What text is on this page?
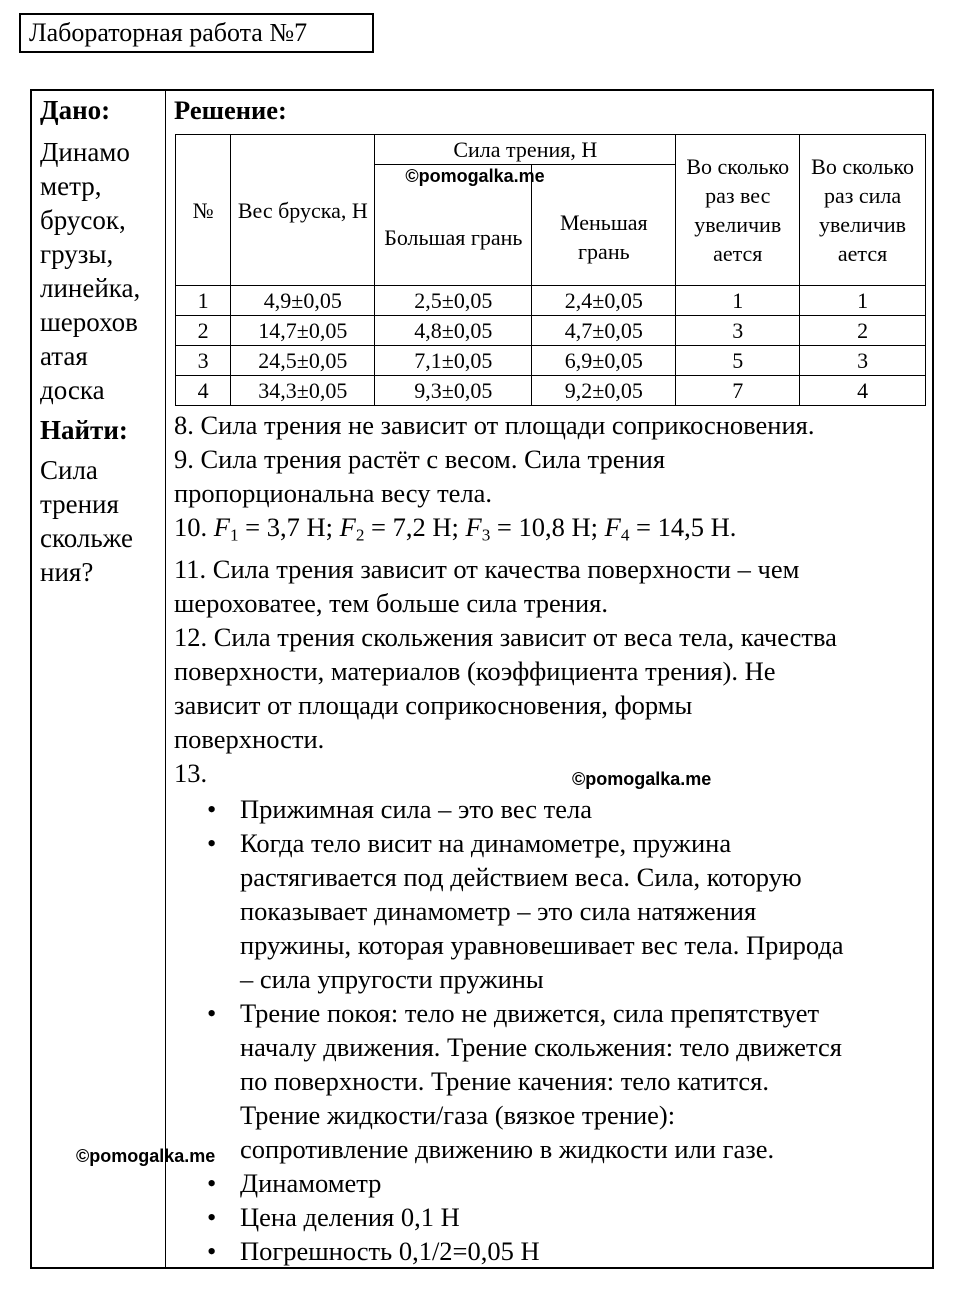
Лабораторная работа №7
Дано:
Динамо
метр,
брусок,
грузы,
линейка,
шерохов
атая
доска
Найти:
Сила
трения
скольже
ния?
Решение:
№	Вес бруска, Н	Сила трения, Н		Во сколько раз вес увеличив ается	Во сколько раз сила увеличив ается

		©pomogalka.me
Большая грань	Меньшая грань		
1	4,9±0,05	2,5±0,05	2,4±0,05	1	1
2	14,7±0,05	4,8±0,05	4,7±0,05	3	2
3	24,5±0,05	7,1±0,05	6,9±0,05	5	3
4	34,3±0,05	9,3±0,05	9,2±0,05	7	4
8. Сила трения не зависит от площади соприкосновения.
9. Сила трения растёт с весом. Сила трения
пропорциональна весу тела.
10. $F_1 = 3,7$ Н; $F_2 = 7,2$ Н; $F_3 = 10,8$ Н; $F_4 = 14,5$ Н.
11. Сила трения зависит от качества поверхности – чем
шероховатее, тем больше сила трения.
12. Сила трения скольжения зависит от веса тела, качества
поверхности, материалов (коэффициента трения). Не
зависит от площади соприкосновения, формы
поверхности.
13.	©pomogalka.me
• Прижимная сила – это вес тела
• Когда тело висит на динамометре, пружина
растягивается под действием веса. Сила, которую
показывает динамометр – это сила натяжения
пружины, которая уравновешивает вес тела. Природа
– сила упругости пружины
• Трение покоя: тело не движется, сила препятствует
началу движения. Трение скольжения: тело движется
по поверхности. Трение качения: тело катится.
Трение жидкости/газа (вязкое трение):
сопротивление движению в жидкости или газе.
• Динамометр
• Цена деления 0,1 Н
• Погрешность 0,1/2=0,05 Н
©pomogalka.me
